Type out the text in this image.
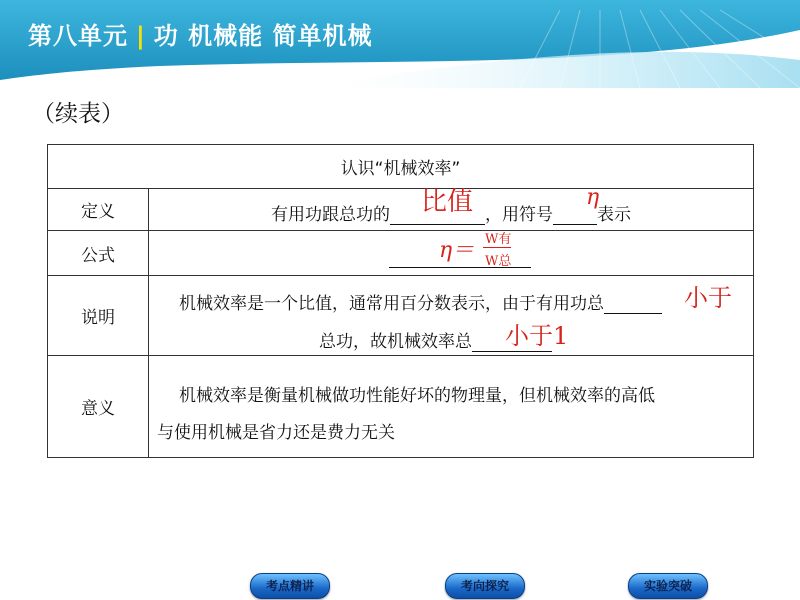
第八单元 | 功 机械能 简单机械
（续表）
认识“机械效率”	
定义	有用功跟总功的 ，用符号 表示
比值 η

公式	η＝ W有
W总

说明	机械效率是一个比值，通常用百分数表示，由于有用功总
总功，故机械效率总
小于
小于1

意义	机械效率是衡量机械做功性能好坏的物理量，但机械效率的高低
与使用机械是省力还是费力无关
考点精讲	考向探究	实验突破
